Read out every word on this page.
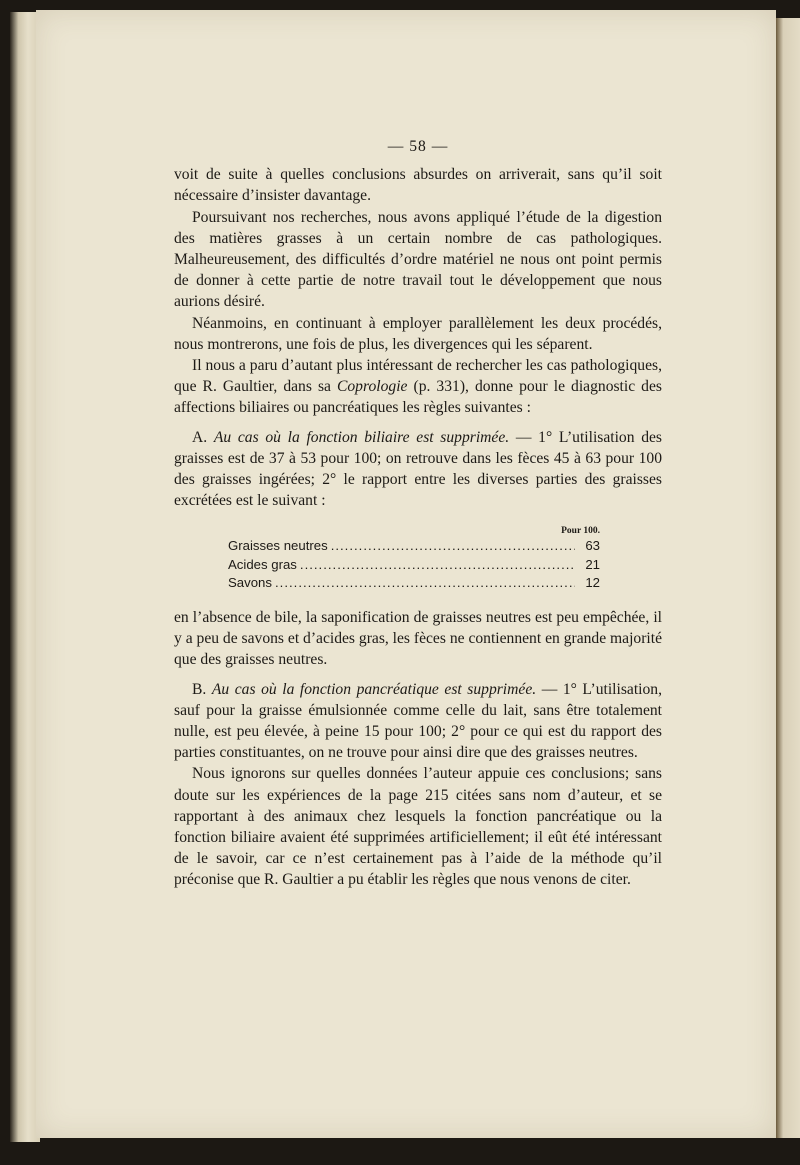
— 58 —

voit de suite à quelles conclusions absurdes on arriverait, sans qu’il soit nécessaire d’insister davantage.

Poursuivant nos recherches, nous avons appliqué l’étude de la digestion des matières grasses à un certain nombre de cas pathologiques. Malheureusement, des difficultés d’ordre matériel ne nous ont point permis de donner à cette partie de notre travail tout le développement que nous aurions désiré.

Néanmoins, en continuant à employer parallèlement les deux procédés, nous montrerons, une fois de plus, les divergences qui les séparent.

Il nous a paru d’autant plus intéressant de rechercher les cas pathologiques, que R. Gaultier, dans sa Coprologie (p. 331), donne pour le diagnostic des affections biliaires ou pancréatiques les règles suivantes :

A. Au cas où la fonction biliaire est supprimée. — 1° L’utilisation des graisses est de 37 à 53 pour 100; on retrouve dans les fèces 45 à 63 pour 100 des graisses ingérées; 2° le rapport entre les diverses parties des graisses excrétées est le suivant :

Pour 100.
Graisses neutres .....	63
Acides gras .....	21
Savons .....	12

en l’absence de bile, la saponification de graisses neutres est peu empêchée, il y a peu de savons et d’acides gras, les fèces ne contiennent en grande majorité que des graisses neutres.

B. Au cas où la fonction pancréatique est supprimée. — 1° L’utilisation, sauf pour la graisse émulsionnée comme celle du lait, sans être totalement nulle, est peu élevée, à peine 15 pour 100; 2° pour ce qui est du rapport des parties constituantes, on ne trouve pour ainsi dire que des graisses neutres.

Nous ignorons sur quelles données l’auteur appuie ces conclusions; sans doute sur les expériences de la page 215 citées sans nom d’auteur, et se rapportant à des animaux chez lesquels la fonction pancréatique ou la fonction biliaire avaient été supprimées artificiellement; il eût été intéressant de le savoir, car ce n’est certainement pas à l’aide de la méthode qu’il préconise que R. Gaultier a pu établir les règles que nous venons de citer.
